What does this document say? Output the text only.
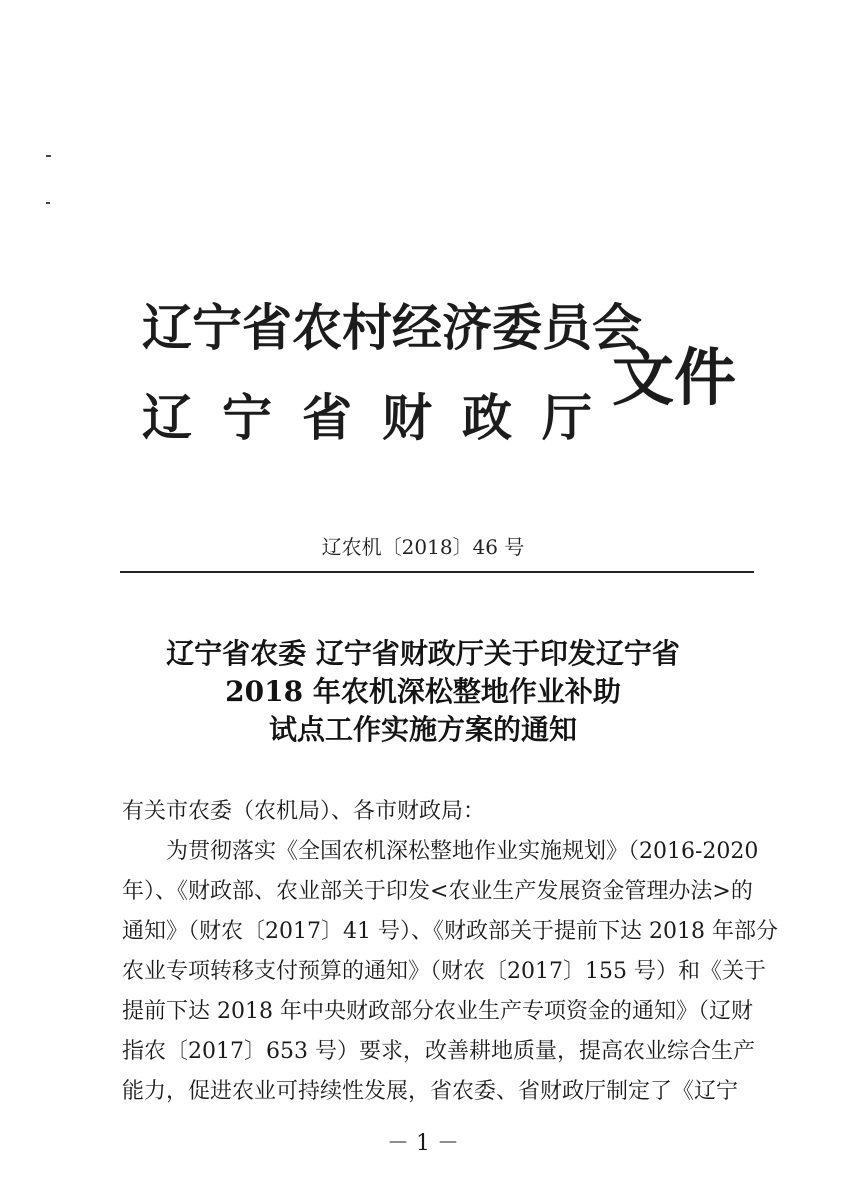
辽宁省农村经济委员会
辽宁省财政厅
文件
辽农机〔2018〕46 号
辽宁省农委 辽宁省财政厅关于印发辽宁省
2018 年农机深松整地作业补助
试点工作实施方案的通知
有关市农委（农机局）、各市财政局：
为贯彻落实《全国农机深松整地作业实施规划》（2016-2020
年）、《财政部、农业部关于印发<农业生产发展资金管理办法>的
通知》（财农〔2017〕41 号）、《财政部关于提前下达 2018 年部分
农业专项转移支付预算的通知》（财农〔2017〕155 号）和《关于
提前下达 2018 年中央财政部分农业生产专项资金的通知》（辽财
指农〔2017〕653 号）要求，改善耕地质量，提高农业综合生产
能力，促进农业可持续性发展，省农委、省财政厅制定了《辽宁
－ 1 －
